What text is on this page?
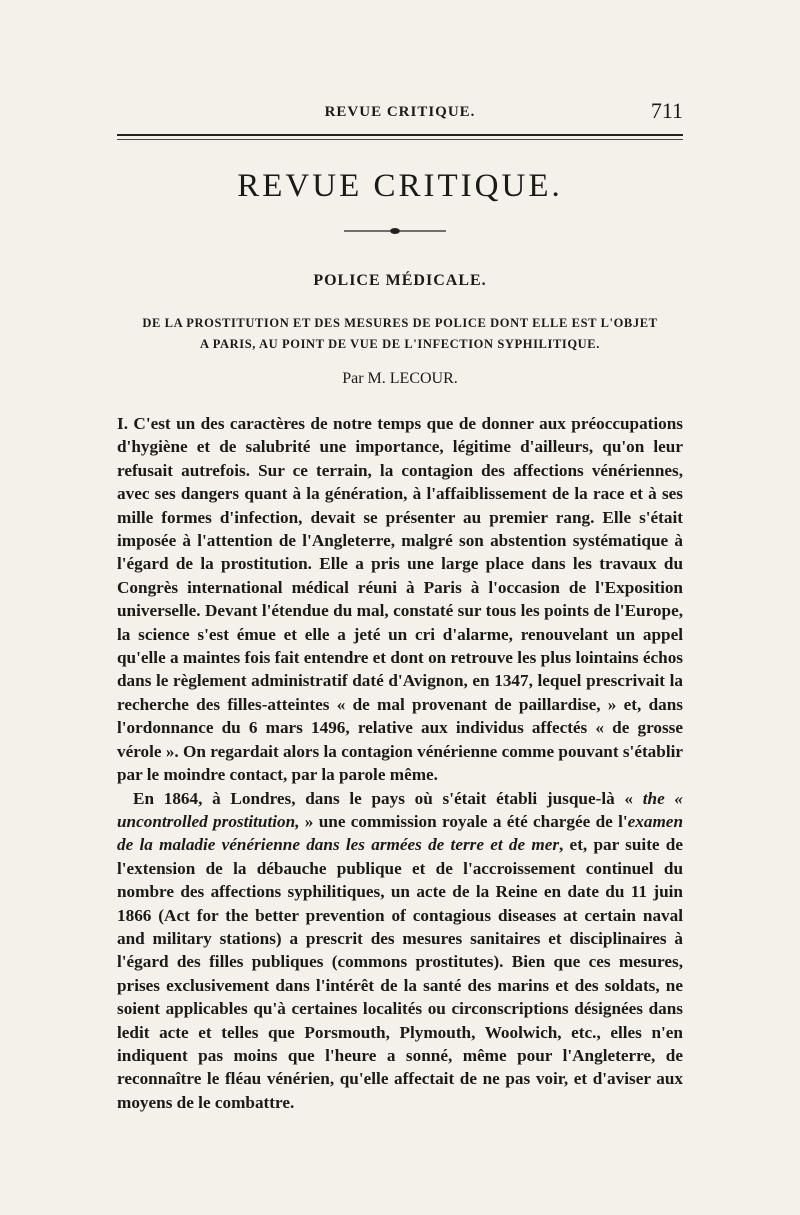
REVUE CRITIQUE.	711
REVUE CRITIQUE.
POLICE MÉDICALE.
DE LA PROSTITUTION ET DES MESURES DE POLICE DONT ELLE EST L'OBJET
A PARIS, AU POINT DE VUE DE L'INFECTION SYPHILITIQUE.
Par M. LECOUR.

I. C'est un des caractères de notre temps que de donner aux préoccupations d'hygiène et de salubrité une importance, légitime d'ailleurs, qu'on leur refusait autrefois. Sur ce terrain, la contagion des affections vénériennes, avec ses dangers quant à la génération, à l'affaiblissement de la race et à ses mille formes d'infection, devait se présenter au premier rang. Elle s'était imposée à l'attention de l'Angleterre, malgré son abstention systématique à l'égard de la prostitution. Elle a pris une large place dans les travaux du Congrès international médical réuni à Paris à l'occasion de l'Exposition universelle. Devant l'étendue du mal, constaté sur tous les points de l'Europe, la science s'est émue et elle a jeté un cri d'alarme, renouvelant un appel qu'elle a maintes fois fait entendre et dont on retrouve les plus lointains échos dans le règlement administratif daté d'Avignon, en 1347, lequel prescrivait la recherche des filles-atteintes « de mal provenant de paillardise, » et, dans l'ordonnance du 6 mars 1496, relative aux individus affectés « de grosse vérole ». On regardait alors la contagion vénérienne comme pouvant s'établir par le moindre contact, par la parole même.

En 1864, à Londres, dans le pays où s'était établi jusque-là « the « uncontrolled prostitution, » une commission royale a été chargée de l'examen de la maladie vénérienne dans les armées de terre et de mer, et, par suite de l'extension de la débauche publique et de l'accroissement continuel du nombre des affections syphilitiques, un acte de la Reine en date du 11 juin 1866 (Act for the better prevention of contagious diseases at certain naval and military stations) a prescrit des mesures sanitaires et disciplinaires à l'égard des filles publiques (commons prostitutes). Bien que ces mesures, prises exclusivement dans l'intérêt de la santé des marins et des soldats, ne soient applicables qu'à certaines localités ou circonscriptions désignées dans ledit acte et telles que Porsmouth, Plymouth, Woolwich, etc., elles n'en indiquent pas moins que l'heure a sonné, même pour l'Angleterre, de reconnaître le fléau vénérien, qu'elle affectait de ne pas voir, et d'aviser aux moyens de le combattre.
